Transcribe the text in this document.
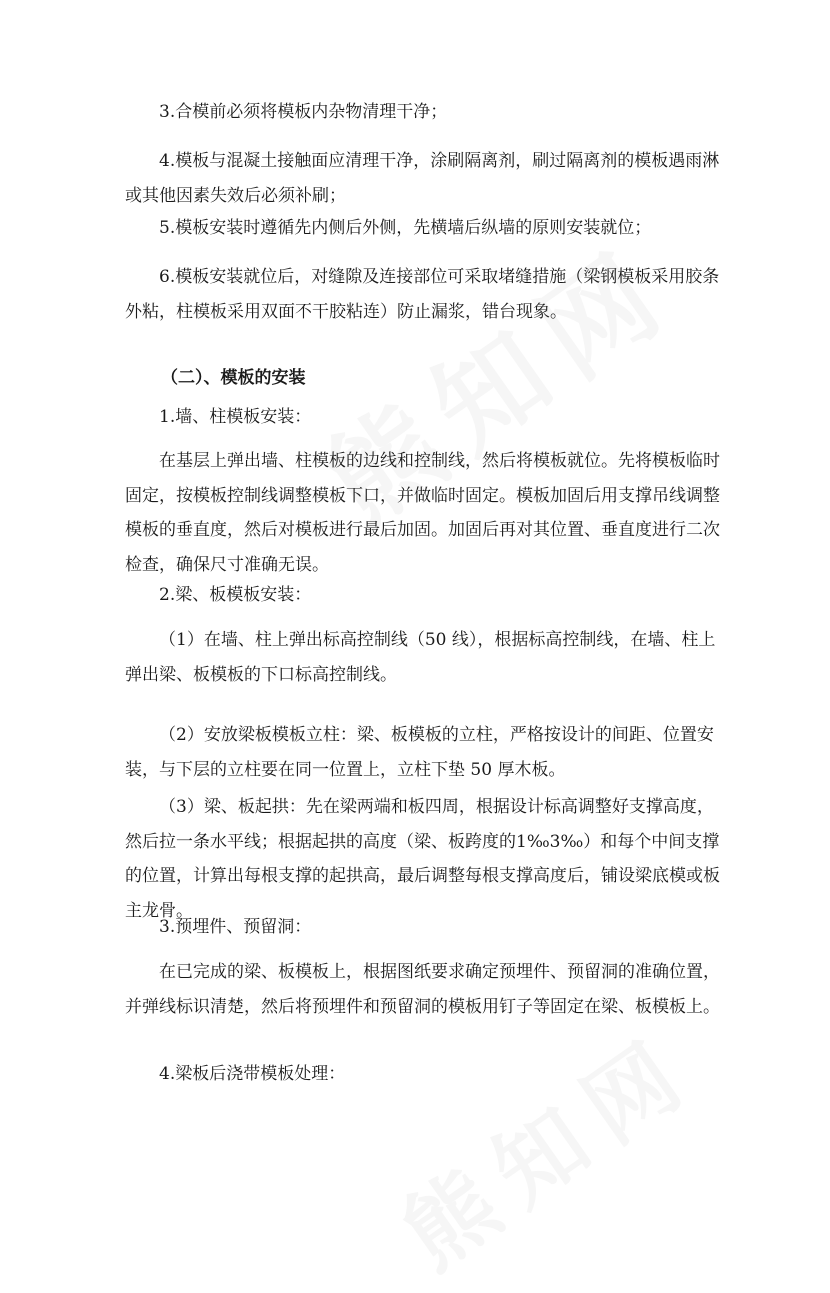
3.合模前必须将模板内杂物清理干净；

4.模板与混凝土接触面应清理干净，涂刷隔离剂，刷过隔离剂的模板遇雨淋或其他因素失效后必须补刷；

5.模板安装时遵循先内侧后外侧，先横墙后纵墙的原则安装就位；

6.模板安装就位后，对缝隙及连接部位可采取堵缝措施（梁钢模板采用胶条外粘，柱模板采用双面不干胶粘连）防止漏浆，错台现象。

（二）、模板的安装

1.墙、柱模板安装：

在基层上弹出墙、柱模板的边线和控制线，然后将模板就位。先将模板临时固定，按模板控制线调整模板下口，并做临时固定。模板加固后用支撑吊线调整模板的垂直度，然后对模板进行最后加固。加固后再对其位置、垂直度进行二次检查，确保尺寸准确无误。

2.梁、板模板安装：

（1）在墙、柱上弹出标高控制线（50 线），根据标高控制线，在墙、柱上弹出梁、板模板的下口标高控制线。

（2）安放梁板模板立柱：梁、板模板的立柱，严格按设计的间距、位置安装，与下层的立柱要在同一位置上，立柱下垫 50 厚木板。

（3）梁、板起拱：先在梁两端和板四周，根据设计标高调整好支撑高度，然后拉一条水平线；根据起拱的高度（梁、板跨度的1‰3‰）和每个中间支撑的位置，计算出每根支撑的起拱高，最后调整每根支撑高度后，铺设梁底模或板主龙骨。

3.预埋件、预留洞：

在已完成的梁、板模板上，根据图纸要求确定预埋件、预留洞的准确位置，并弹线标识清楚，然后将预埋件和预留洞的模板用钉子等固定在梁、板模板上。

4.梁板后浇带模板处理：
